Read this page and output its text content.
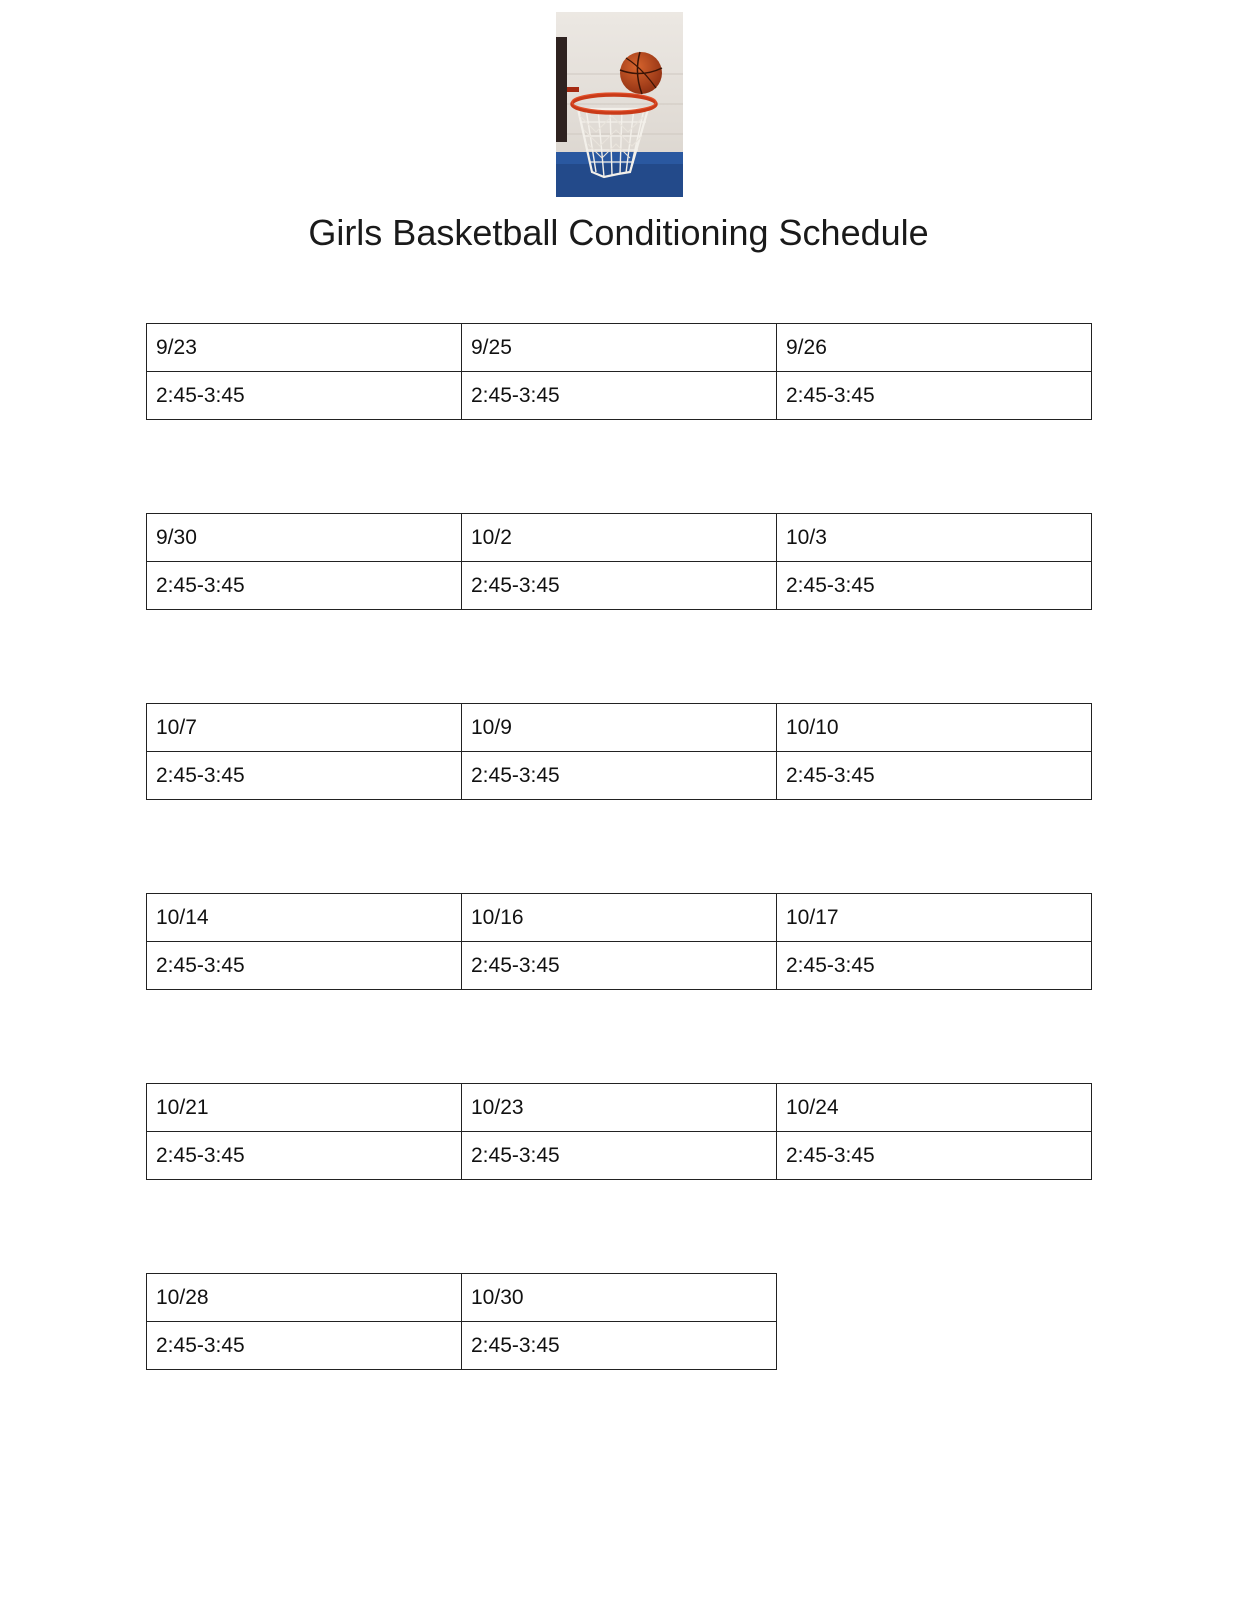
Girls Basketball Conditioning Schedule
9/23	9/25	9/26
2:45-3:45	2:45-3:45	2:45-3:45
9/30	10/2	10/3
2:45-3:45	2:45-3:45	2:45-3:45
10/7	10/9	10/10
2:45-3:45	2:45-3:45	2:45-3:45
10/14	10/16	10/17
2:45-3:45	2:45-3:45	2:45-3:45
10/21	10/23	10/24
2:45-3:45	2:45-3:45	2:45-3:45
10/28	10/30
2:45-3:45	2:45-3:45
